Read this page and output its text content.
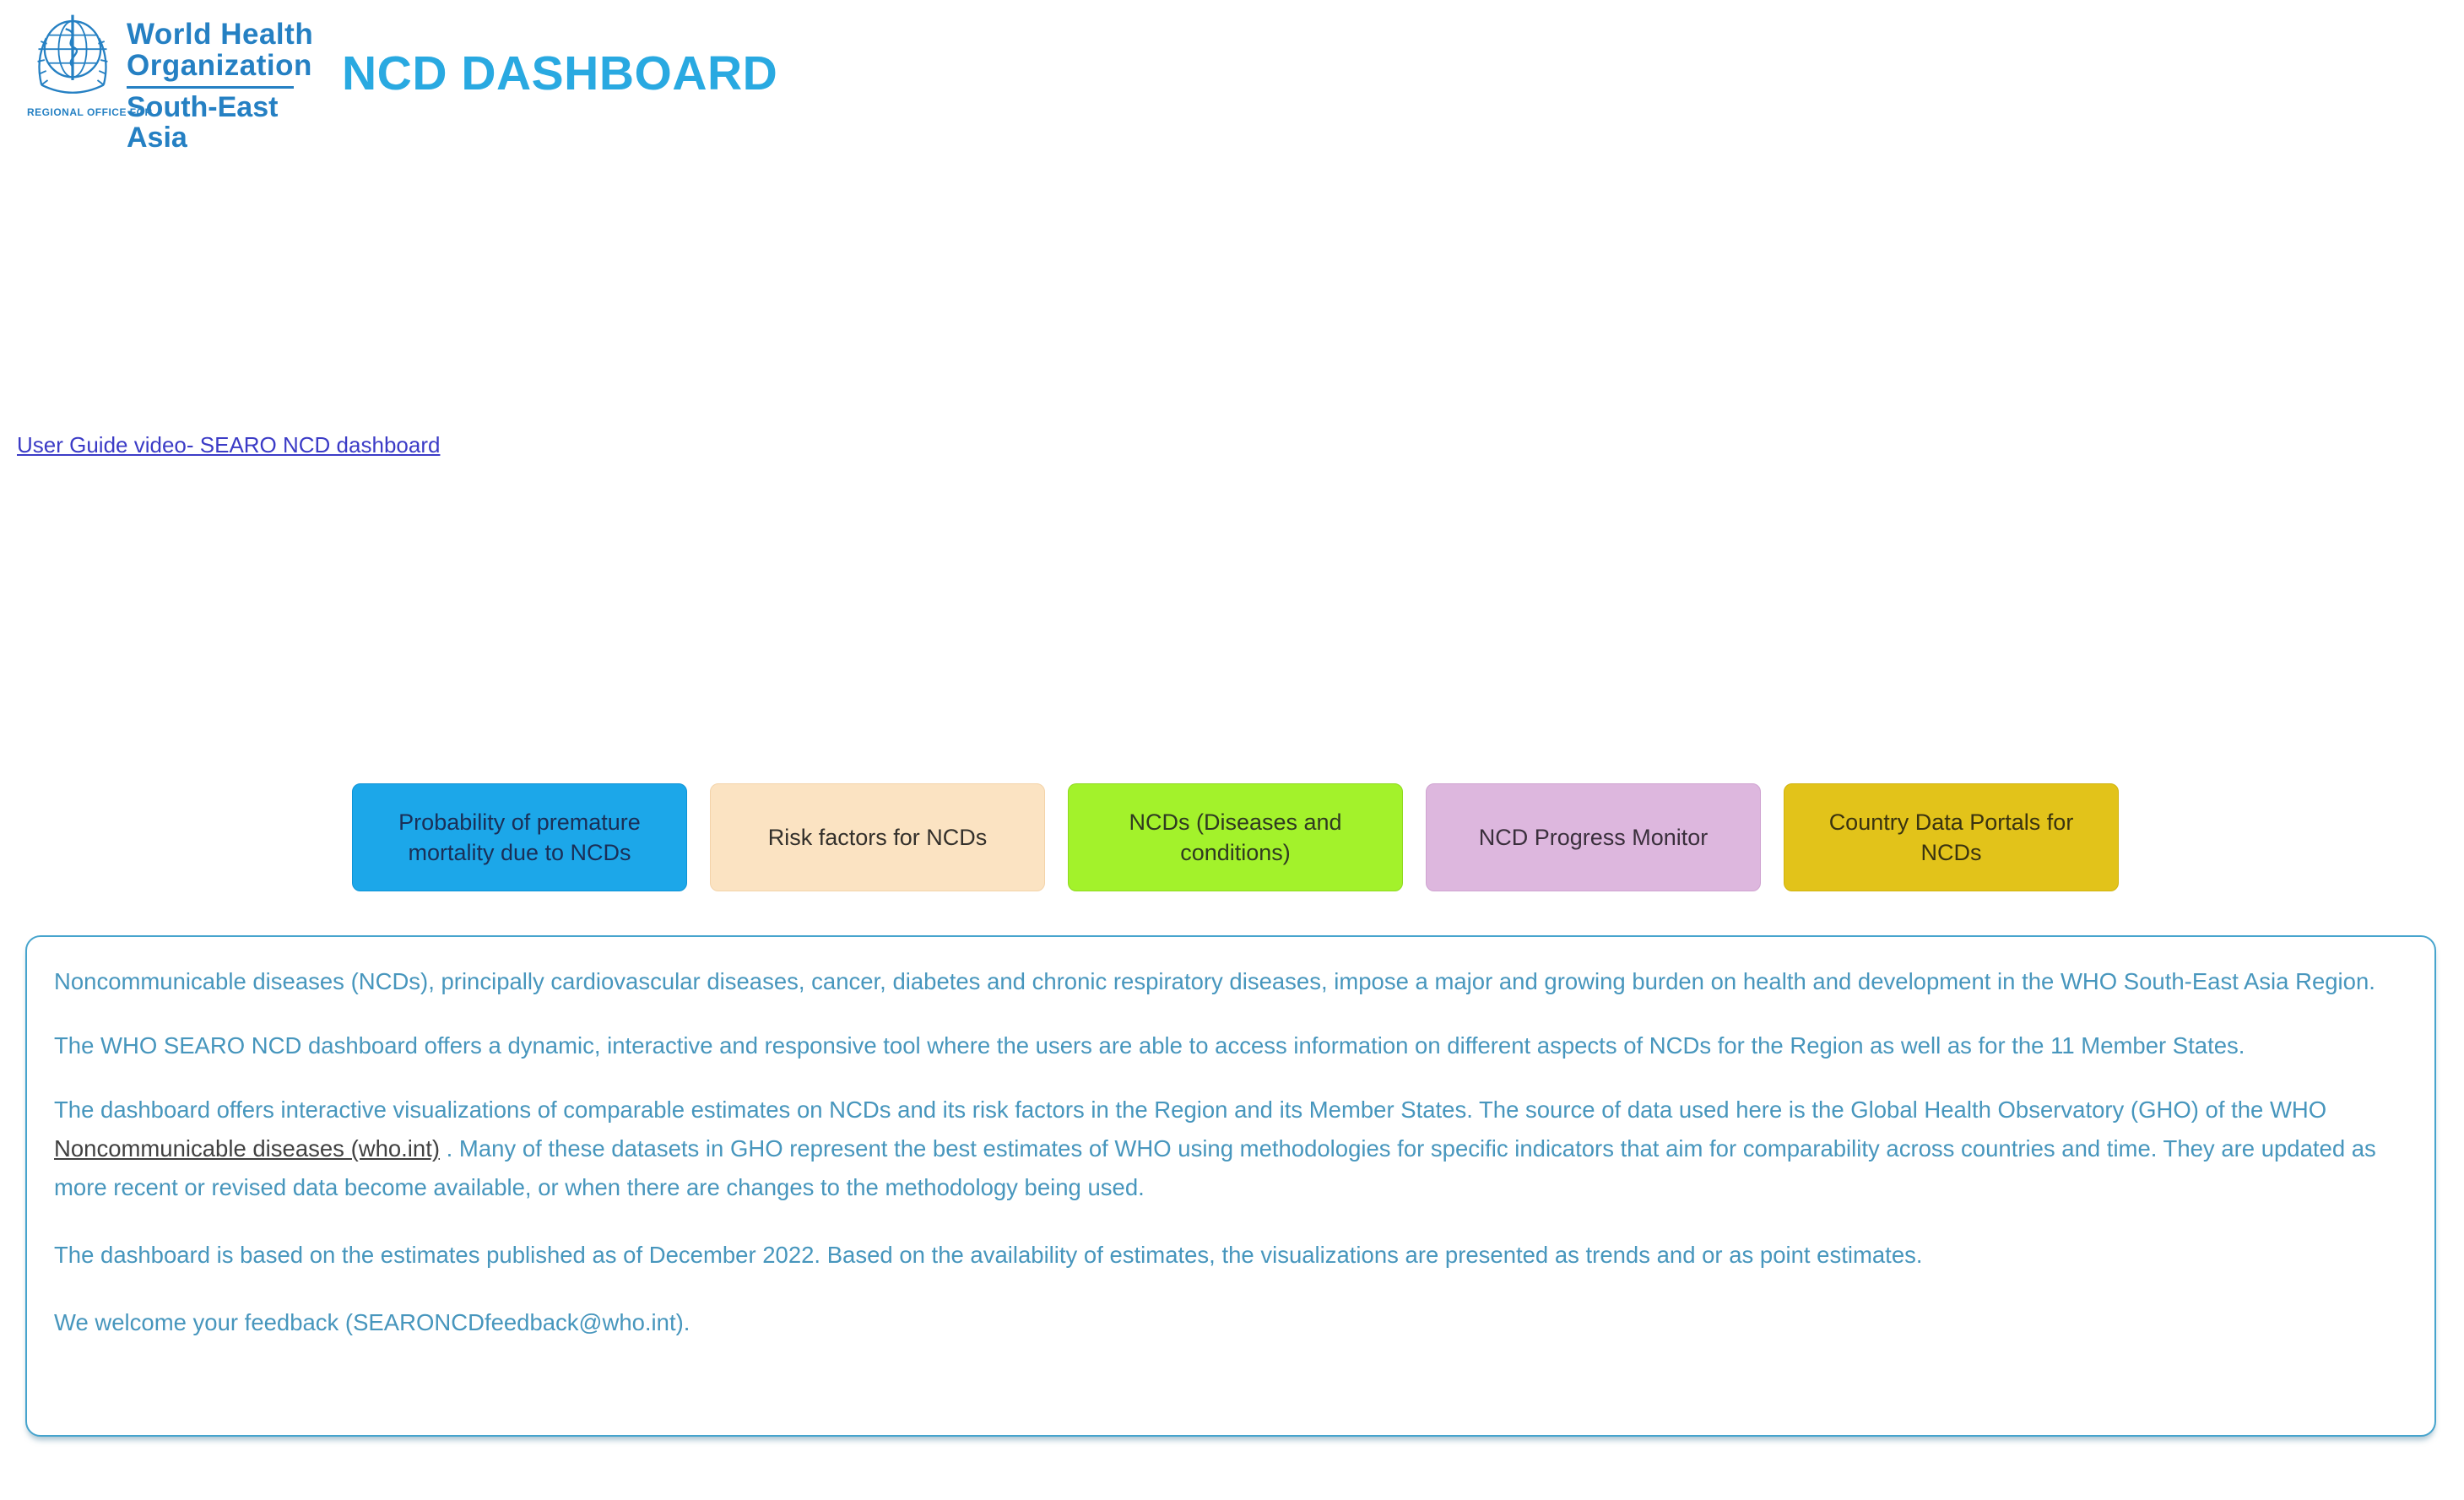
World Health
Organization
South-East Asia
REGIONAL OFFICE FOR
NCD DASHBOARD
User Guide video- SEARO NCD dashboard
Probability of premature mortality due to NCDs
Risk factors for NCDs
NCDs (Diseases and conditions)
NCD Progress Monitor
Country Data Portals for NCDs

Noncommunicable diseases (NCDs), principally cardiovascular diseases, cancer, diabetes and chronic respiratory diseases, impose a major and growing burden on health and development in the WHO South-East Asia Region.

The WHO SEARO NCD dashboard offers a dynamic, interactive and responsive tool where the users are able to access information on different aspects of NCDs for the Region as well as for the 11 Member States.

The dashboard offers interactive visualizations of comparable estimates on NCDs and its risk factors in the Region and its Member States. The source of data used here is the Global Health Observatory (GHO) of the WHO Noncommunicable diseases (who.int) . Many of these datasets in GHO represent the best estimates of WHO using methodologies for specific indicators that aim for comparability across countries and time. They are updated as more recent or revised data become available, or when there are changes to the methodology being used.

The dashboard is based on the estimates published as of December 2022. Based on the availability of estimates, the visualizations are presented as trends and or as point estimates.

We welcome your feedback (SEARONCDfeedback@who.int).
